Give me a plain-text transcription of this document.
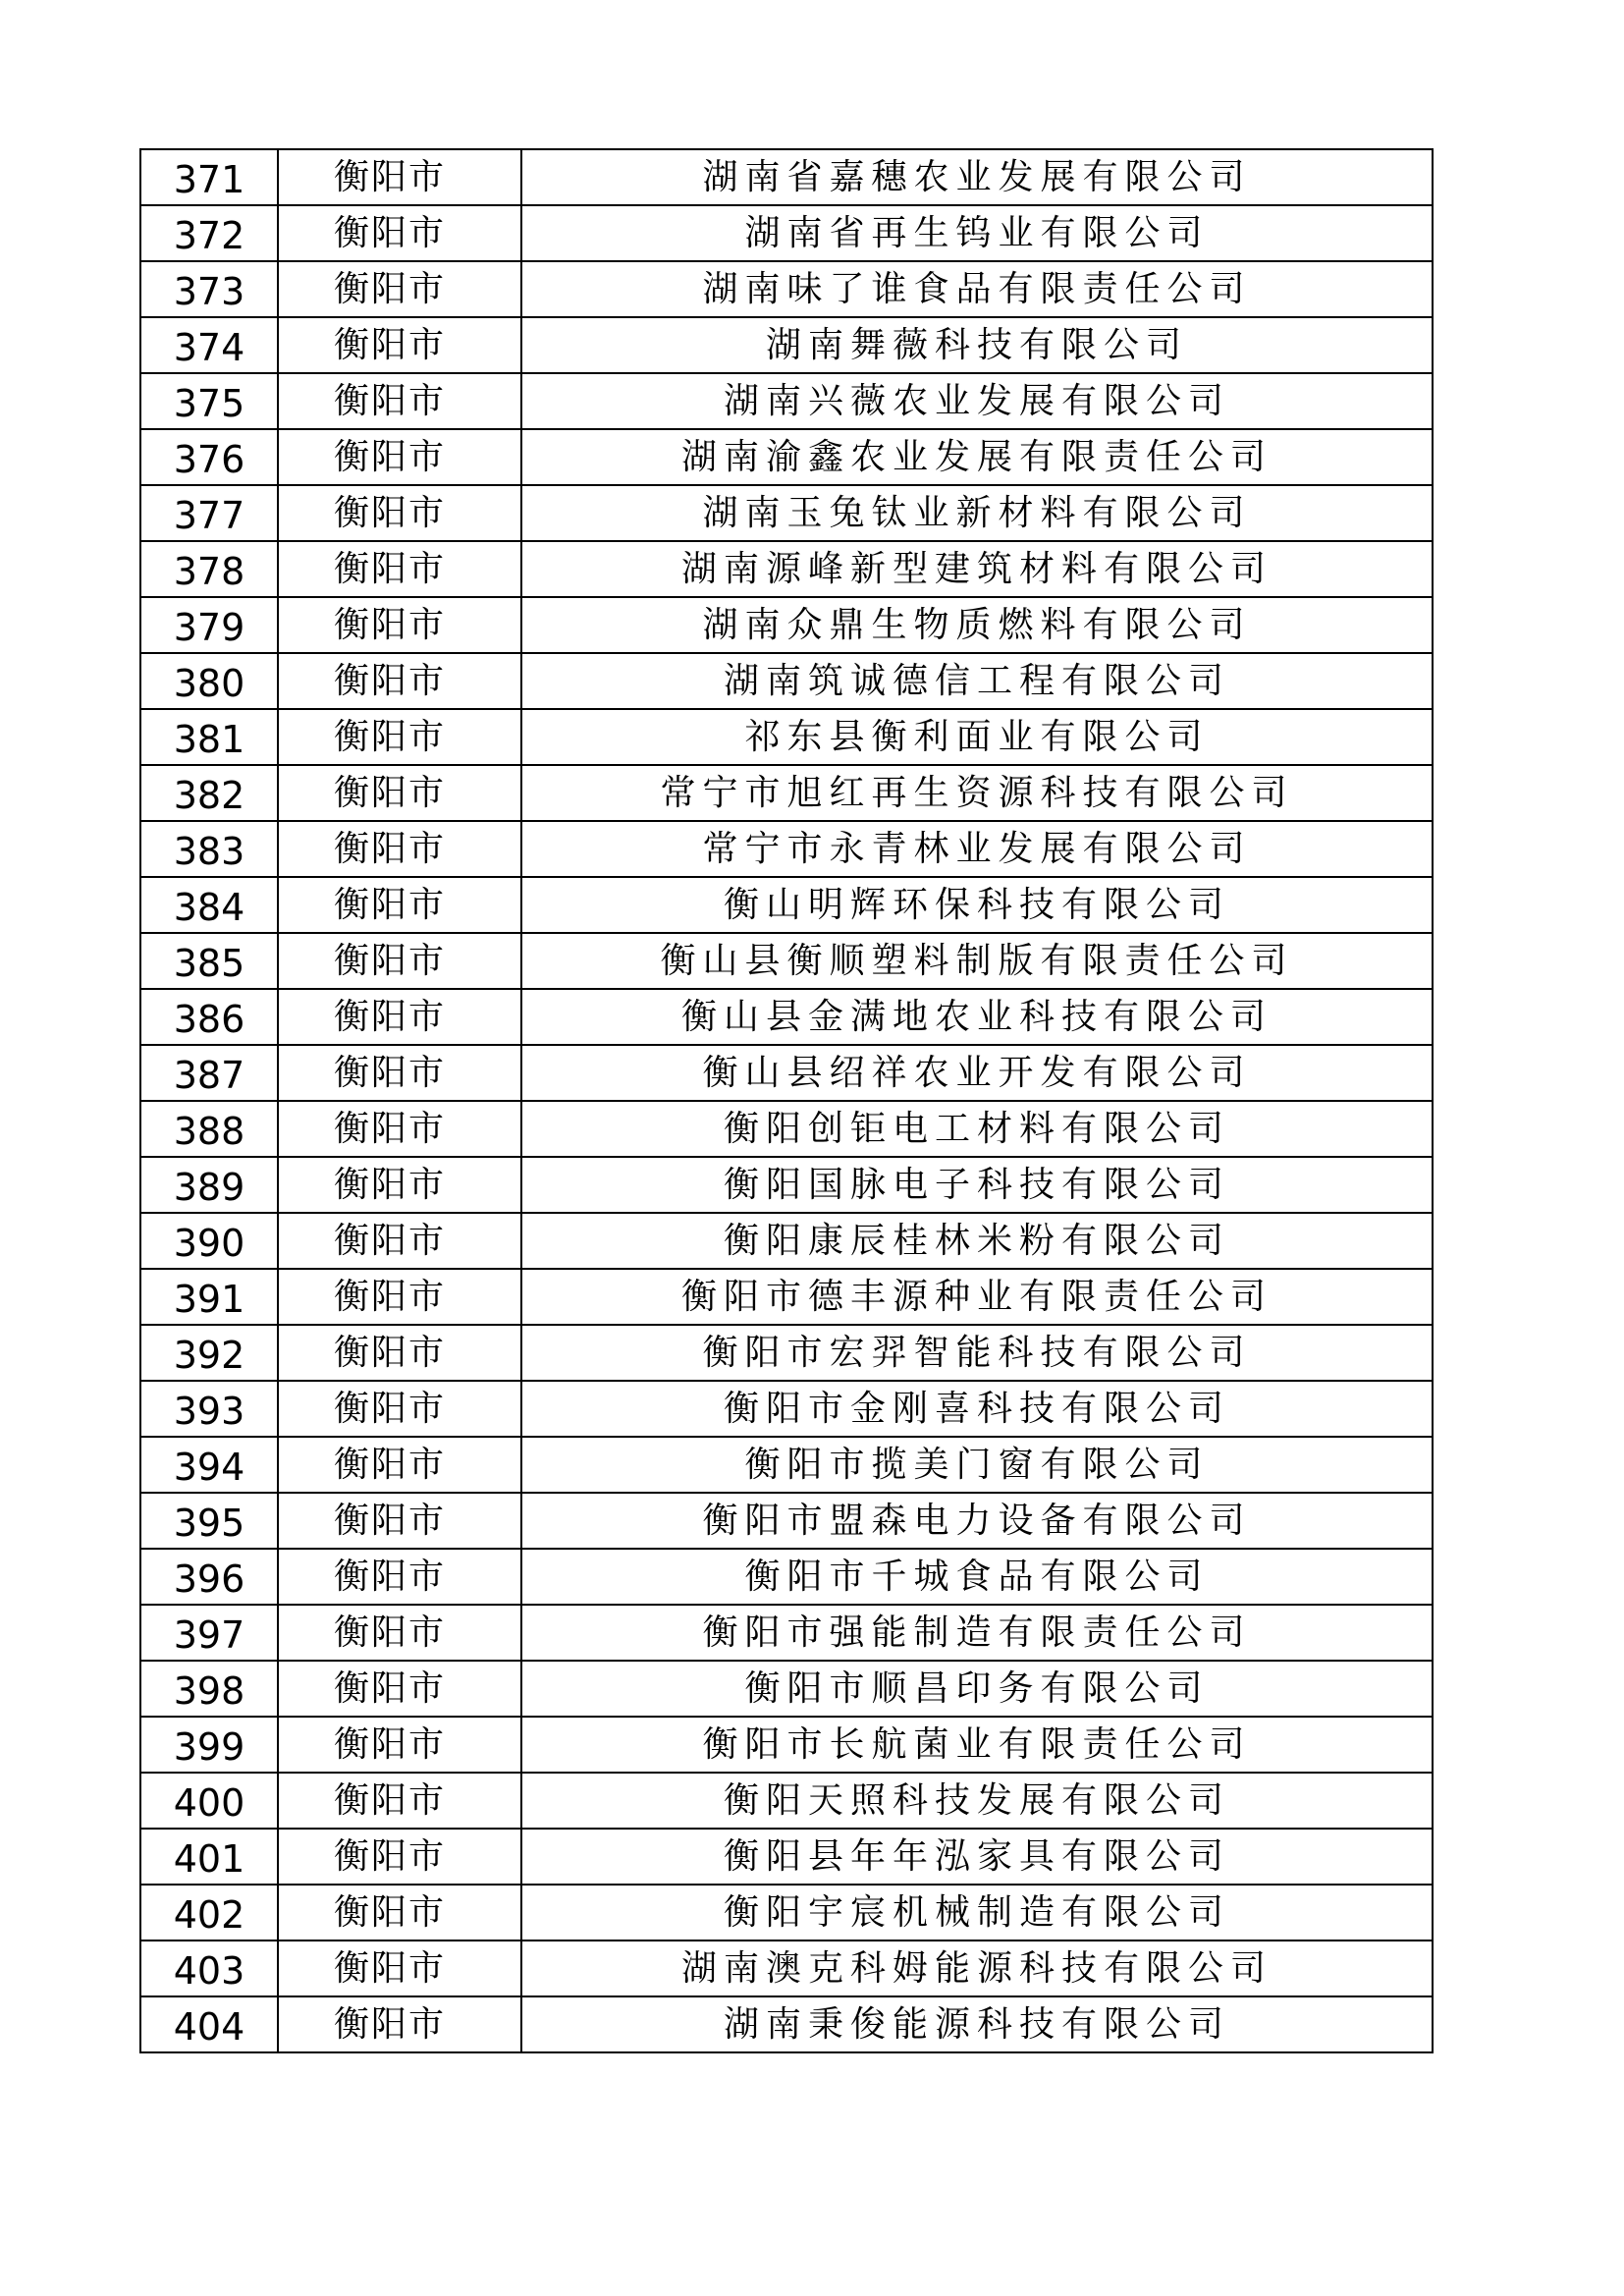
371	衡阳市	湖南省嘉穗农业发展有限公司
372	衡阳市	湖南省再生钨业有限公司
373	衡阳市	湖南味了谁食品有限责任公司
374	衡阳市	湖南舞薇科技有限公司
375	衡阳市	湖南兴薇农业发展有限公司
376	衡阳市	湖南渝鑫农业发展有限责任公司
377	衡阳市	湖南玉兔钛业新材料有限公司
378	衡阳市	湖南源峰新型建筑材料有限公司
379	衡阳市	湖南众鼎生物质燃料有限公司
380	衡阳市	湖南筑诚德信工程有限公司
381	衡阳市	祁东县衡利面业有限公司
382	衡阳市	常宁市旭红再生资源科技有限公司
383	衡阳市	常宁市永青林业发展有限公司
384	衡阳市	衡山明辉环保科技有限公司
385	衡阳市	衡山县衡顺塑料制版有限责任公司
386	衡阳市	衡山县金满地农业科技有限公司
387	衡阳市	衡山县绍祥农业开发有限公司
388	衡阳市	衡阳创钜电工材料有限公司
389	衡阳市	衡阳国脉电子科技有限公司
390	衡阳市	衡阳康辰桂林米粉有限公司
391	衡阳市	衡阳市德丰源种业有限责任公司
392	衡阳市	衡阳市宏羿智能科技有限公司
393	衡阳市	衡阳市金刚喜科技有限公司
394	衡阳市	衡阳市揽美门窗有限公司
395	衡阳市	衡阳市盟森电力设备有限公司
396	衡阳市	衡阳市千城食品有限公司
397	衡阳市	衡阳市强能制造有限责任公司
398	衡阳市	衡阳市顺昌印务有限公司
399	衡阳市	衡阳市长航菌业有限责任公司
400	衡阳市	衡阳天照科技发展有限公司
401	衡阳市	衡阳县年年泓家具有限公司
402	衡阳市	衡阳宇宸机械制造有限公司
403	衡阳市	湖南澳克科姆能源科技有限公司
404	衡阳市	湖南秉俊能源科技有限公司
